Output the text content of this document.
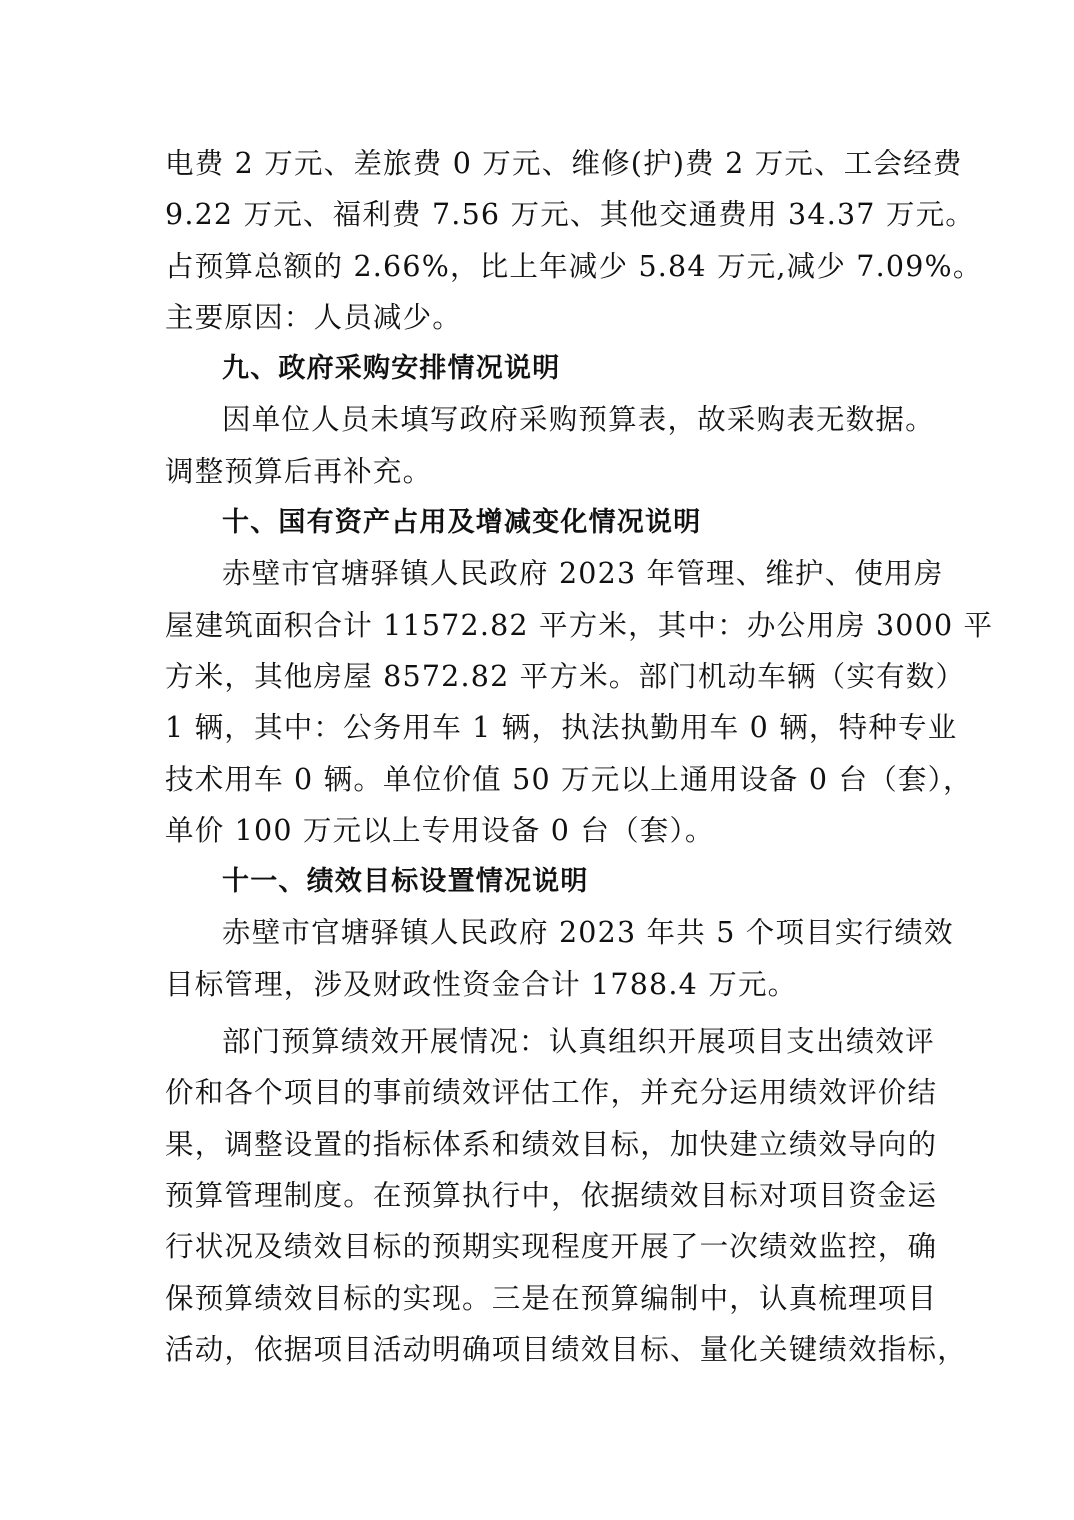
电费 2 万元、差旅费 0 万元、维修(护)费 2 万元、工会经费
9.22 万元、福利费 7.56 万元、其他交通费用 34.37 万元。
占预算总额的 2.66%，比上年减少 5.84 万元,减少 7.09%。
主要原因：人员减少。
九、政府采购安排情况说明
因单位人员未填写政府采购预算表，故采购表无数据。
调整预算后再补充。
十、国有资产占用及增减变化情况说明
赤壁市官塘驿镇人民政府 2023 年管理、维护、使用房
屋建筑面积合计 11572.82 平方米，其中：办公用房 3000 平
方米，其他房屋 8572.82 平方米。部门机动车辆（实有数）
1 辆，其中：公务用车 1 辆，执法执勤用车 0 辆，特种专业
技术用车 0 辆。单位价值 50 万元以上通用设备 0 台（套），
单价 100 万元以上专用设备 0 台（套）。
十一、绩效目标设置情况说明
赤壁市官塘驿镇人民政府 2023 年共 5 个项目实行绩效
目标管理，涉及财政性资金合计 1788.4 万元。
部门预算绩效开展情况：认真组织开展项目支出绩效评
价和各个项目的事前绩效评估工作，并充分运用绩效评价结
果，调整设置的指标体系和绩效目标，加快建立绩效导向的
预算管理制度。在预算执行中，依据绩效目标对项目资金运
行状况及绩效目标的预期实现程度开展了一次绩效监控，确
保预算绩效目标的实现。三是在预算编制中，认真梳理项目
活动，依据项目活动明确项目绩效目标、量化关键绩效指标，
